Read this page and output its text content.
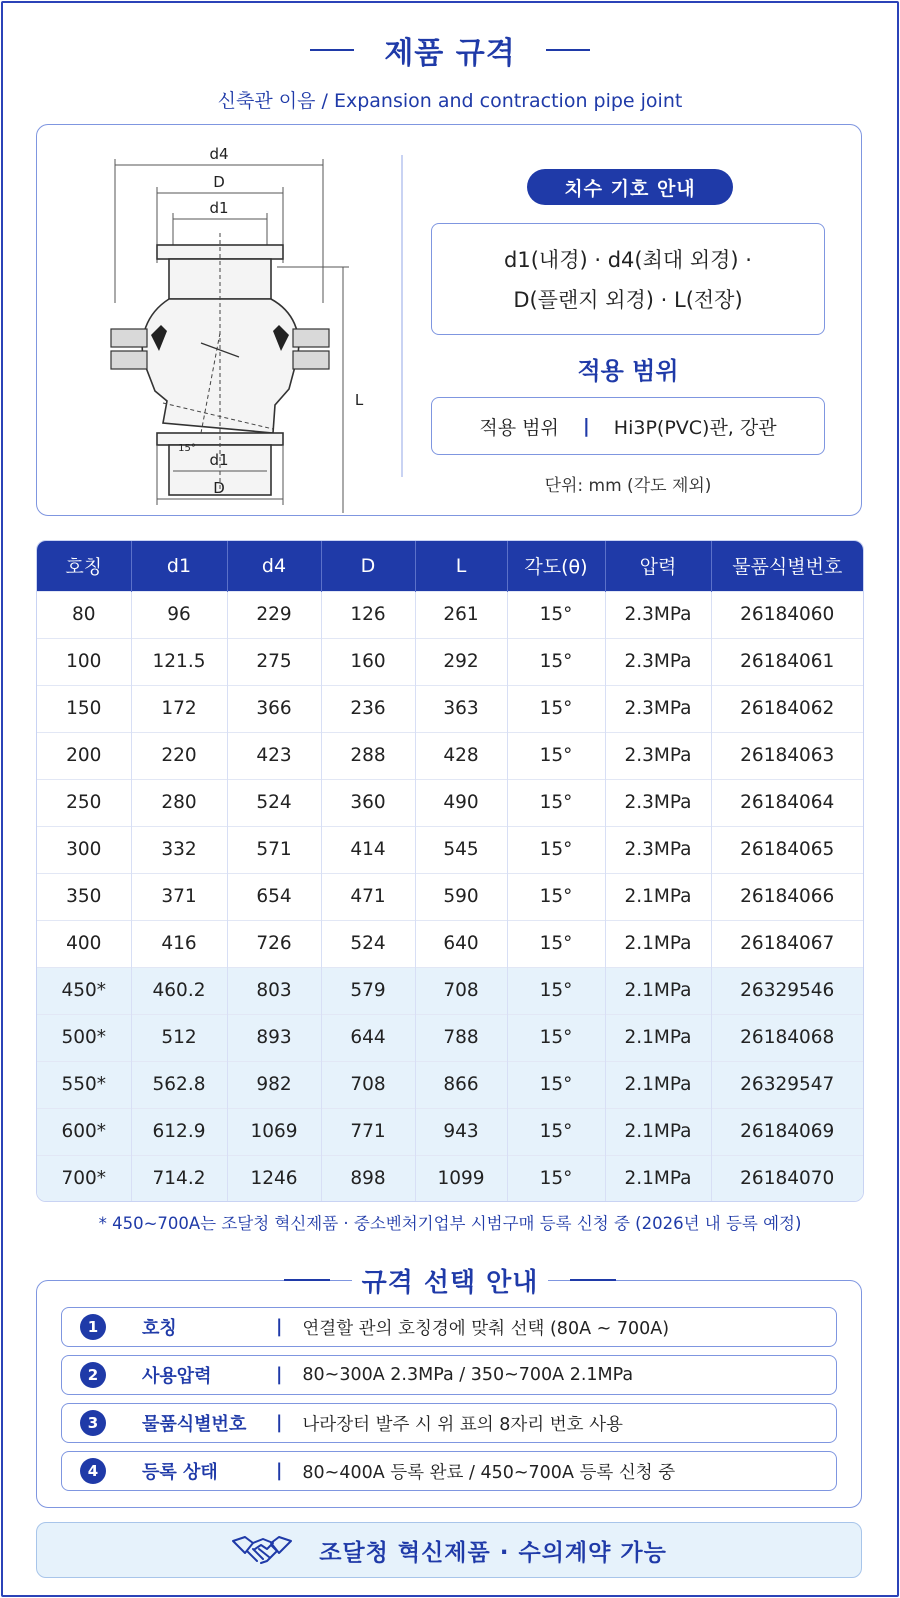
제품 규격
신축관 이음 / Expansion and contraction pipe joint
d4
D
d1
L
15°
d1
D
치수 기호 안내
d1(내경) · d4(최대 외경) ·
D(플랜지 외경) · L(전장)
적용 범위
적용 범위 | Hi3P(PVC)관, 강관
단위: mm (각도 제외)
호칭	d1	d4	D	L	각도(θ)	압력	물품식별번호
80	96	229	126	261	15°	2.3MPa	26184060
100	121.5	275	160	292	15°	2.3MPa	26184061
150	172	366	236	363	15°	2.3MPa	26184062
200	220	423	288	428	15°	2.3MPa	26184063
250	280	524	360	490	15°	2.3MPa	26184064
300	332	571	414	545	15°	2.3MPa	26184065
350	371	654	471	590	15°	2.1MPa	26184066
400	416	726	524	640	15°	2.1MPa	26184067
450*	460.2	803	579	708	15°	2.1MPa	26329546
500*	512	893	644	788	15°	2.1MPa	26184068
550*	562.8	982	708	866	15°	2.1MPa	26329547
600*	612.9	1069	771	943	15°	2.1MPa	26184069
700*	714.2	1246	898	1099	15°	2.1MPa	26184070
* 450~700A는 조달청 혁신제품 · 중소벤처기업부 시범구매 등록 신청 중 (2026년 내 등록 예정)
1	호칭	| 연결할 관의 호칭경에 맞춰 선택 (80A ~ 700A)
2	사용압력	| 80~300A 2.3MPa / 350~700A 2.1MPa
3	물품식별번호	| 나라장터 발주 시 위 표의 8자리 번호 사용
4	등록 상태	| 80~400A 등록 완료 / 450~700A 등록 신청 중
규격 선택 안내
조달청 혁신제품 · 수의계약 가능
